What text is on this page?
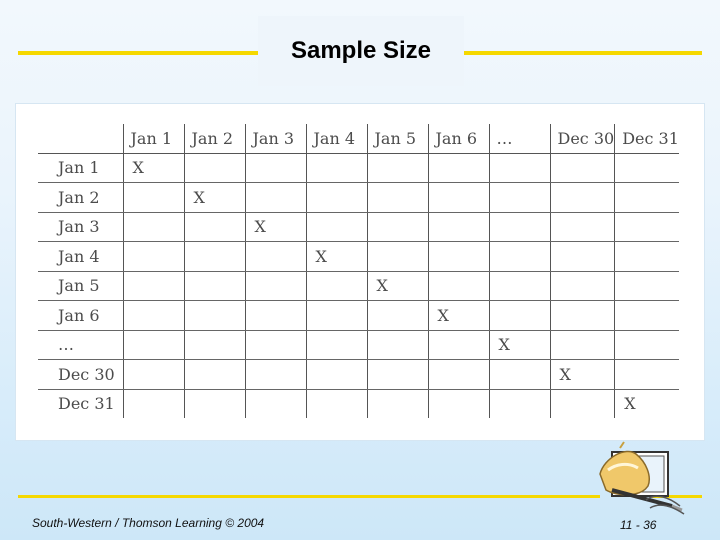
Sample Size
	Jan 1	Jan 2	Jan 3	Jan 4	Jan 5	Jan 6	…	Dec 30	Dec 31
Jan 1	X								
Jan 2		X							
Jan 3			X						
Jan 4				X					
Jan 5					X				
Jan 6						X			
…							X		
Dec 30								X	
Dec 31									X
South-Western / Thomson Learning © 2004	11 - 36
